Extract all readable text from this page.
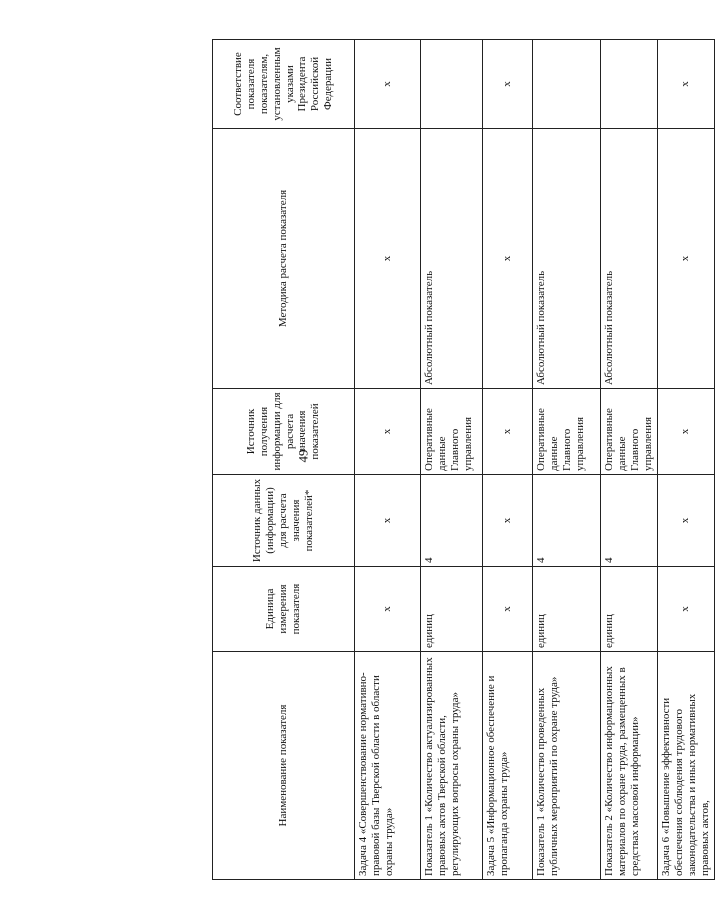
49
Наименование показателя	Единица измерения показателя	Источник данных (информации) для расчета значения показателей*	Источник получения информации для расчета значения показателей	Методика расчета показателя	Соответствие показателя показателям, установленным указами Президента Российской Федерации
Задача 4 «Совершенствование нормативно-правовой базы Тверской области в области охраны труда»	х	х	х	х	х
Показатель 1 «Количество актуализированных правовых актов Тверской области, регулирующих вопросы охраны труда»	единиц	4	Оперативные данные Главного управления	Абсолютный показатель	
Задача 5 «Информационное обеспечение и пропаганда охраны труда»	х	х	х	х	х
Показатель 1 «Количество проведенных публичных мероприятий по охране труда»	единиц	4	Оперативные данные Главного управления	Абсолютный показатель	
Показатель 2 «Количество информационных материалов по охране труда, размещенных в средствах массовой информации»	единиц	4	Оперативные данные Главного управления	Абсолютный показатель	
Задача 6 «Повышение эффективности обеспечения соблюдения трудового законодательства и иных нормативных правовых актов,	х	х	х	х	х
